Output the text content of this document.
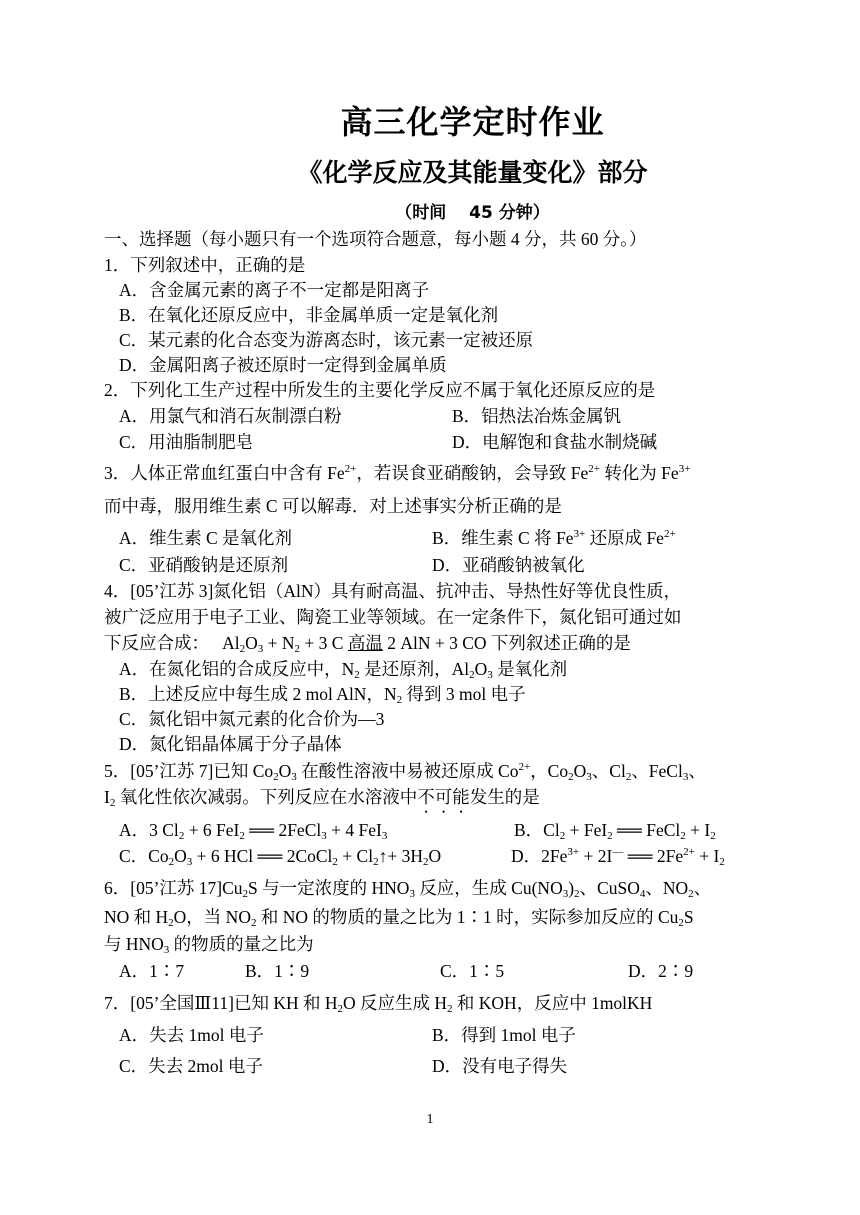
高三化学定时作业
《化学反应及其能量变化》部分
（时间　 45 分钟）
一、选择题（每小题只有一个选项符合题意，每小题 4 分，共 60 分。）
1．下列叙述中，正确的是
A．含金属元素的离子不一定都是阳离子
B．在氧化还原反应中，非金属单质一定是氧化剂
C．某元素的化合态变为游离态时，该元素一定被还原
D．金属阳离子被还原时一定得到金属单质
2．下列化工生产过程中所发生的主要化学反应不属于氧化还原反应的是
A．用氯气和消石灰制漂白粉	B．铝热法冶炼金属钒
C．用油脂制肥皂	D．电解饱和食盐水制烧碱
3．人体正常血红蛋白中含有 $Fe^{2+}$，若误食亚硝酸钠，会导致 $Fe^{2+}$ 转化为 $Fe^{3+}$
而中毒，服用维生素 C 可以解毒．对上述事实分析正确的是
A．维生素 C 是氧化剂	B．维生素 C 将 $Fe^{3+}$ 还原成 $Fe^{2+}$
C．亚硝酸钠是还原剂	D．亚硝酸钠被氧化
4．[05’江苏 3]氮化铝（AlN）具有耐高温、抗冲击、导热性好等优良性质，
被广泛应用于电子工业、陶瓷工业等领域。在一定条件下，氮化铝可通过如
下反应合成：　 $Al_2O_3 + N_2 + 3$ C 高温 2 AlN + 3 CO 下列叙述正确的是
A．在氮化铝的合成反应中，$N_2$ 是还原剂，$Al_2O_3$ 是氧化剂
B．上述反应中每生成 2 mol AlN，$N_2$ 得到 3 mol 电子
C．氮化铝中氮元素的化合价为—3
D．氮化铝晶体属于分子晶体
5．[05’江苏 7]已知 $Co_2O_3$ 在酸性溶液中易被还原成 $Co^{2+}$，$Co_2O_3$、$Cl_2$、FeCl$_3$、
$I_2$ 氧化性依次减弱。下列反应在水溶液中不可能发生的是
A．3 $Cl_2 + 6$ FeI$_2$ ══ 2FeCl$_3$ + 4 FeI$_3$	B．$Cl_2 + FeI_2$ ══ FeCl$_2$ + $I_2$
C．$Co_2O_3 + 6$ HCl ══ 2CoCl$_2$ + $Cl_2↑+ 3H_2O$	D．$2Fe^{3+} + 2I^—$ ══ $2Fe^{2+} + I_2$
6．[05’江苏 $17]Cu_2S$ 与一定浓度的 $HNO_3$ 反应，生成 $Cu(NO_3)_2$、CuSO$_4$、$NO_2$、
NO 和 $H_2O$，当 $NO_2$ 和 NO 的物质的量之比为 1∶1 时，实际参加反应的 $Cu_2S$
与 $HNO_3$ 的物质的量之比为
A．1∶7	B．1∶9	C．1∶5	D．2∶9
7．[05’全国Ⅲ11]已知 KH 和 $H_2O$ 反应生成 $H_2$ 和 KOH，反应中 1molKH
A．失去 1mol 电子	B．得到 1mol 电子
C．失去 2mol 电子	D．没有电子得失
1
